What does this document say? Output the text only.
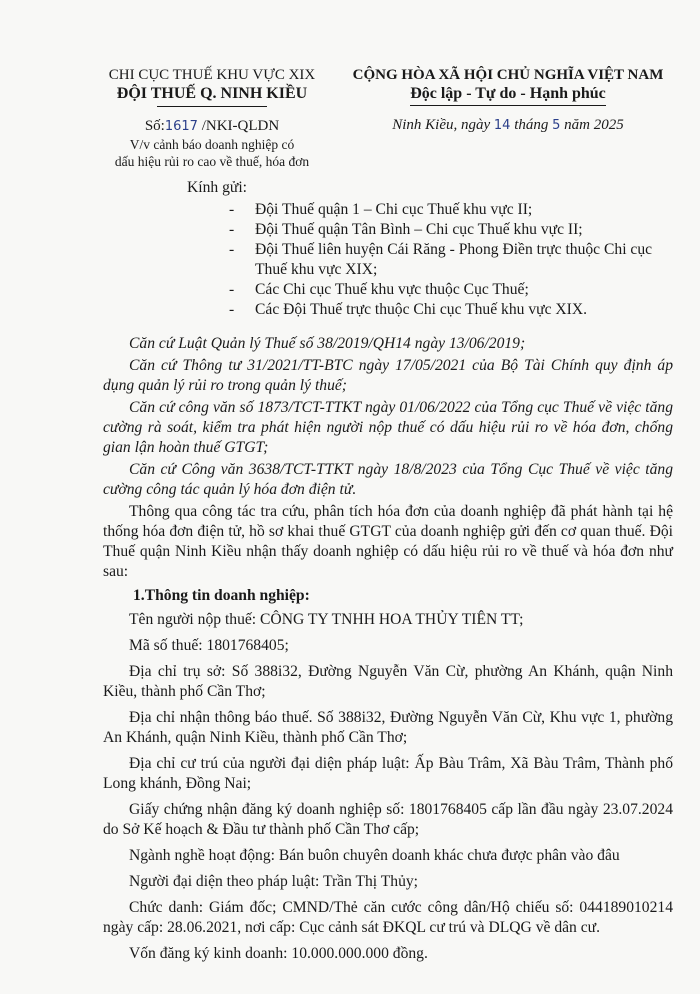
CHI CỤC THUẾ KHU VỰC XIX
ĐỘI THUẾ Q. NINH KIỀU
Số:1617 /NKI-QLDN
V/v cảnh báo doanh nghiệp có
dấu hiệu rủi ro cao về thuế, hóa đơn
CỘNG HÒA XÃ HỘI CHỦ NGHĨA VIỆT NAM
Độc lập - Tự do - Hạnh phúc
Ninh Kiều, ngày 14 tháng 5 năm 2025
Kính gửi:
- Đội Thuế quận 1 – Chi cục Thuế khu vực II;
- Đội Thuế quận Tân Bình – Chi cục Thuế khu vực II;
- Đội Thuế liên huyện Cái Răng - Phong Điền trực thuộc Chi cục Thuế khu vực XIX;
- Các Chi cục Thuế khu vực thuộc Cục Thuế;
- Các Đội Thuế trực thuộc Chi cục Thuế khu vực XIX.

Căn cứ Luật Quản lý Thuế số 38/2019/QH14 ngày 13/06/2019;

Căn cứ Thông tư 31/2021/TT-BTC ngày 17/05/2021 của Bộ Tài Chính quy định áp dụng quản lý rủi ro trong quản lý thuế;

Căn cứ công văn số 1873/TCT-TTKT ngày 01/06/2022 của Tổng cục Thuế về việc tăng cường rà soát, kiểm tra phát hiện người nộp thuế có dấu hiệu rủi ro về hóa đơn, chống gian lận hoàn thuế GTGT;

Căn cứ Công văn 3638/TCT-TTKT ngày 18/8/2023 của Tổng Cục Thuế về việc tăng cường công tác quản lý hóa đơn điện tử.

Thông qua công tác tra cứu, phân tích hóa đơn của doanh nghiệp đã phát hành tại hệ thống hóa đơn điện tử, hồ sơ khai thuế GTGT của doanh nghiệp gửi đến cơ quan thuế. Đội Thuế quận Ninh Kiều nhận thấy doanh nghiệp có dấu hiệu rủi ro về thuế và hóa đơn như sau:

1.Thông tin doanh nghiệp:

Tên người nộp thuế: CÔNG TY TNHH HOA THỦY TIÊN TT;

Mã số thuế: 1801768405;

Địa chỉ trụ sở: Số 388i32, Đường Nguyễn Văn Cừ, phường An Khánh, quận Ninh Kiều, thành phố Cần Thơ;

Địa chỉ nhận thông báo thuế. Số 388i32, Đường Nguyễn Văn Cừ, Khu vực 1, phường An Khánh, quận Ninh Kiều, thành phố Cần Thơ;

Địa chỉ cư trú của người đại diện pháp luật: Ấp Bàu Trâm, Xã Bàu Trâm, Thành phố Long khánh, Đồng Nai;

Giấy chứng nhận đăng ký doanh nghiệp số: 1801768405 cấp lần đầu ngày 23.07.2024 do Sở Kế hoạch & Đầu tư thành phố Cần Thơ cấp;

Ngành nghề hoạt động: Bán buôn chuyên doanh khác chưa được phân vào đâu

Người đại diện theo pháp luật: Trần Thị Thủy;

Chức danh: Giám đốc; CMND/Thẻ căn cước công dân/Hộ chiếu số: 044189010214 ngày cấp: 28.06.2021, nơi cấp: Cục cảnh sát ĐKQL cư trú và DLQG về dân cư.

Vốn đăng ký kinh doanh: 10.000.000.000 đồng.
